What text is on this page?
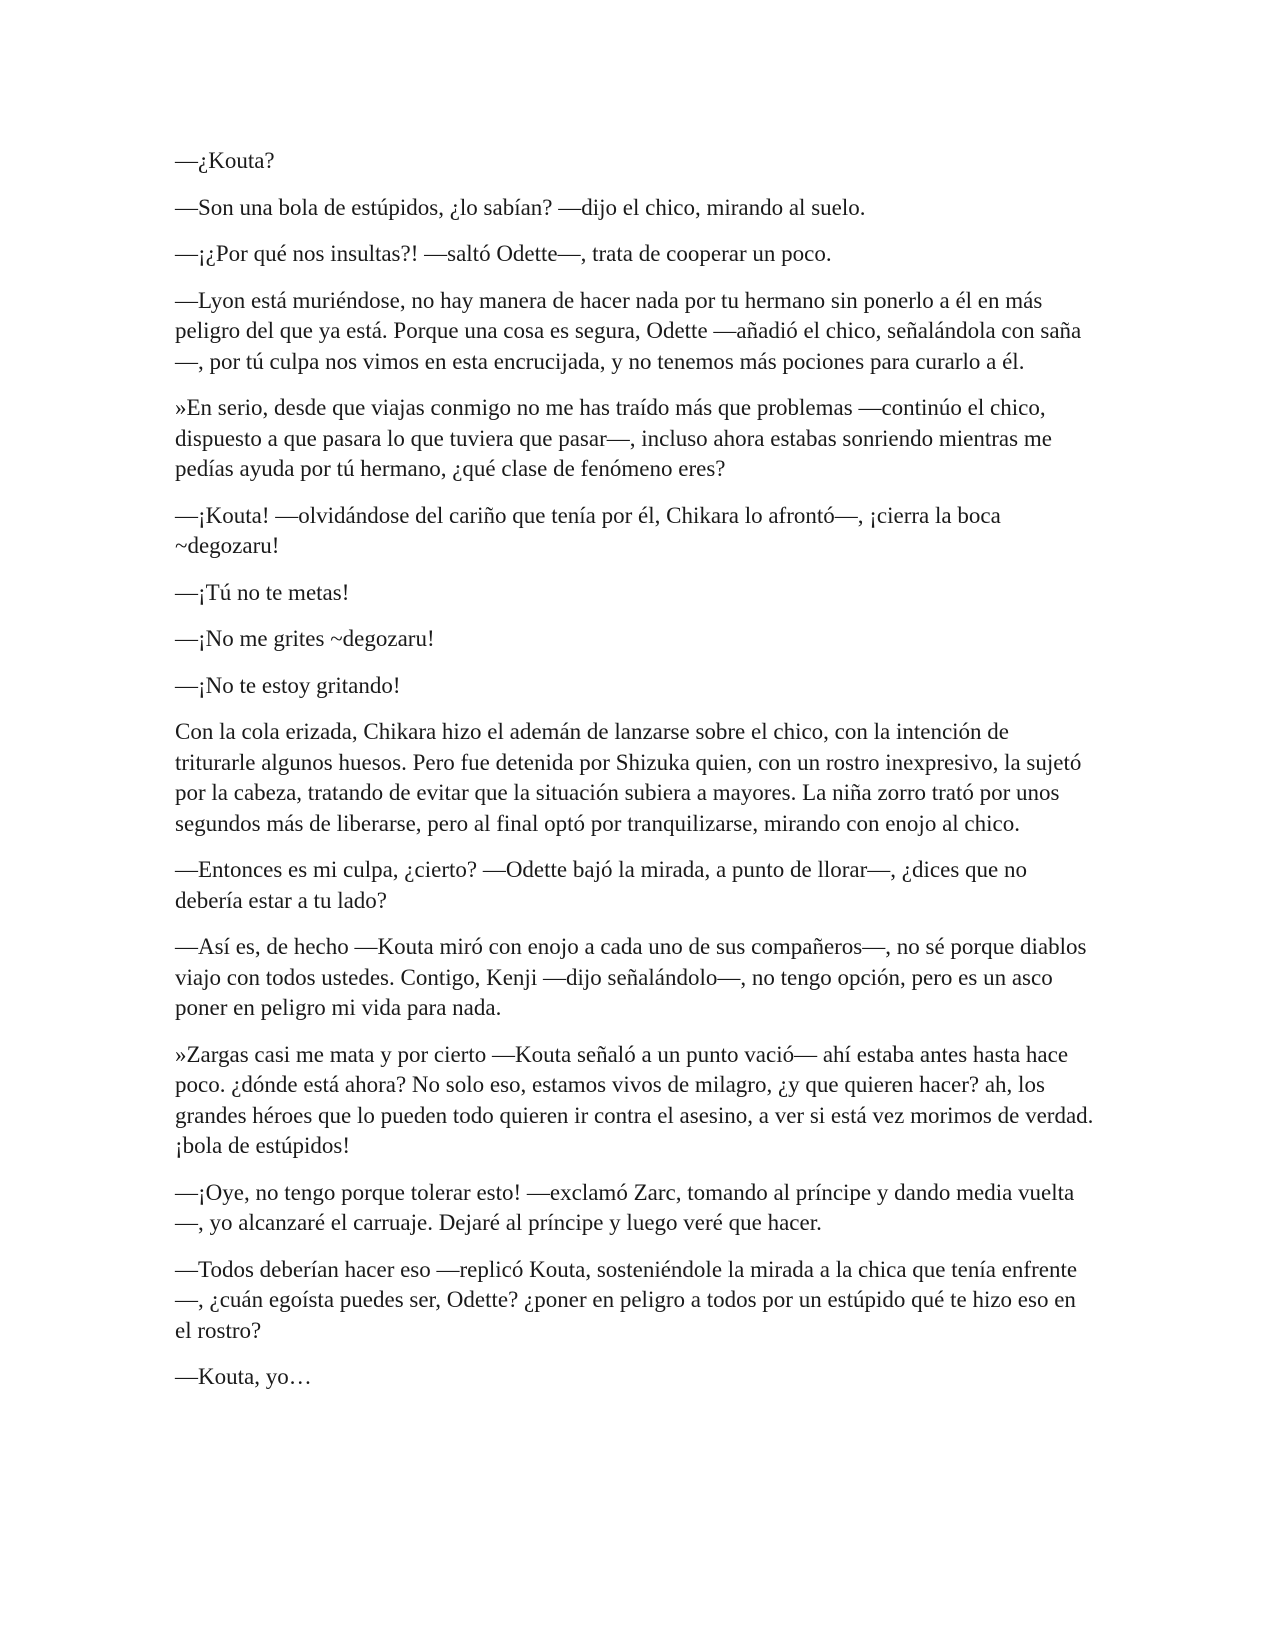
—¿Kouta?

—Son una bola de estúpidos, ¿lo sabían? —dijo el chico, mirando al suelo.

—¡¿Por qué nos insultas?! —saltó Odette—, trata de cooperar un poco.

—Lyon está muriéndose, no hay manera de hacer nada por tu hermano sin ponerlo a él en más peligro del que ya está. Porque una cosa es segura, Odette —añadió el chico, señalándola con saña—, por tú culpa nos vimos en esta encrucijada, y no tenemos más pociones para curarlo a él.

»En serio, desde que viajas conmigo no me has traído más que problemas —continúo el chico, dispuesto a que pasara lo que tuviera que pasar—, incluso ahora estabas sonriendo mientras me pedías ayuda por tú hermano, ¿qué clase de fenómeno eres?

—¡Kouta! —olvidándose del cariño que tenía por él, Chikara lo afrontó—, ¡cierra la boca ~degozaru!

—¡Tú no te metas!

—¡No me grites ~degozaru!

—¡No te estoy gritando!

Con la cola erizada, Chikara hizo el ademán de lanzarse sobre el chico, con la intención de triturarle algunos huesos. Pero fue detenida por Shizuka quien, con un rostro inexpresivo, la sujetó por la cabeza, tratando de evitar que la situación subiera a mayores. La niña zorro trató por unos segundos más de liberarse, pero al final optó por tranquilizarse, mirando con enojo al chico.

—Entonces es mi culpa, ¿cierto? —Odette bajó la mirada, a punto de llorar—, ¿dices que no debería estar a tu lado?

—Así es, de hecho —Kouta miró con enojo a cada uno de sus compañeros—, no sé porque diablos viajo con todos ustedes. Contigo, Kenji —dijo señalándolo—, no tengo opción, pero es un asco poner en peligro mi vida para nada.

»Zargas casi me mata y por cierto —Kouta señaló a un punto vació— ahí estaba antes hasta hace poco. ¿dónde está ahora? No solo eso, estamos vivos de milagro, ¿y que quieren hacer? ah, los grandes héroes que lo pueden todo quieren ir contra el asesino, a ver si está vez morimos de verdad. ¡bola de estúpidos!

—¡Oye, no tengo porque tolerar esto! —exclamó Zarc, tomando al príncipe y dando media vuelta—, yo alcanzaré el carruaje. Dejaré al príncipe y luego veré que hacer.

—Todos deberían hacer eso —replicó Kouta, sosteniéndole la mirada a la chica que tenía enfrente—, ¿cuán egoísta puedes ser, Odette? ¿poner en peligro a todos por un estúpido qué te hizo eso en el rostro?

—Kouta, yo…
